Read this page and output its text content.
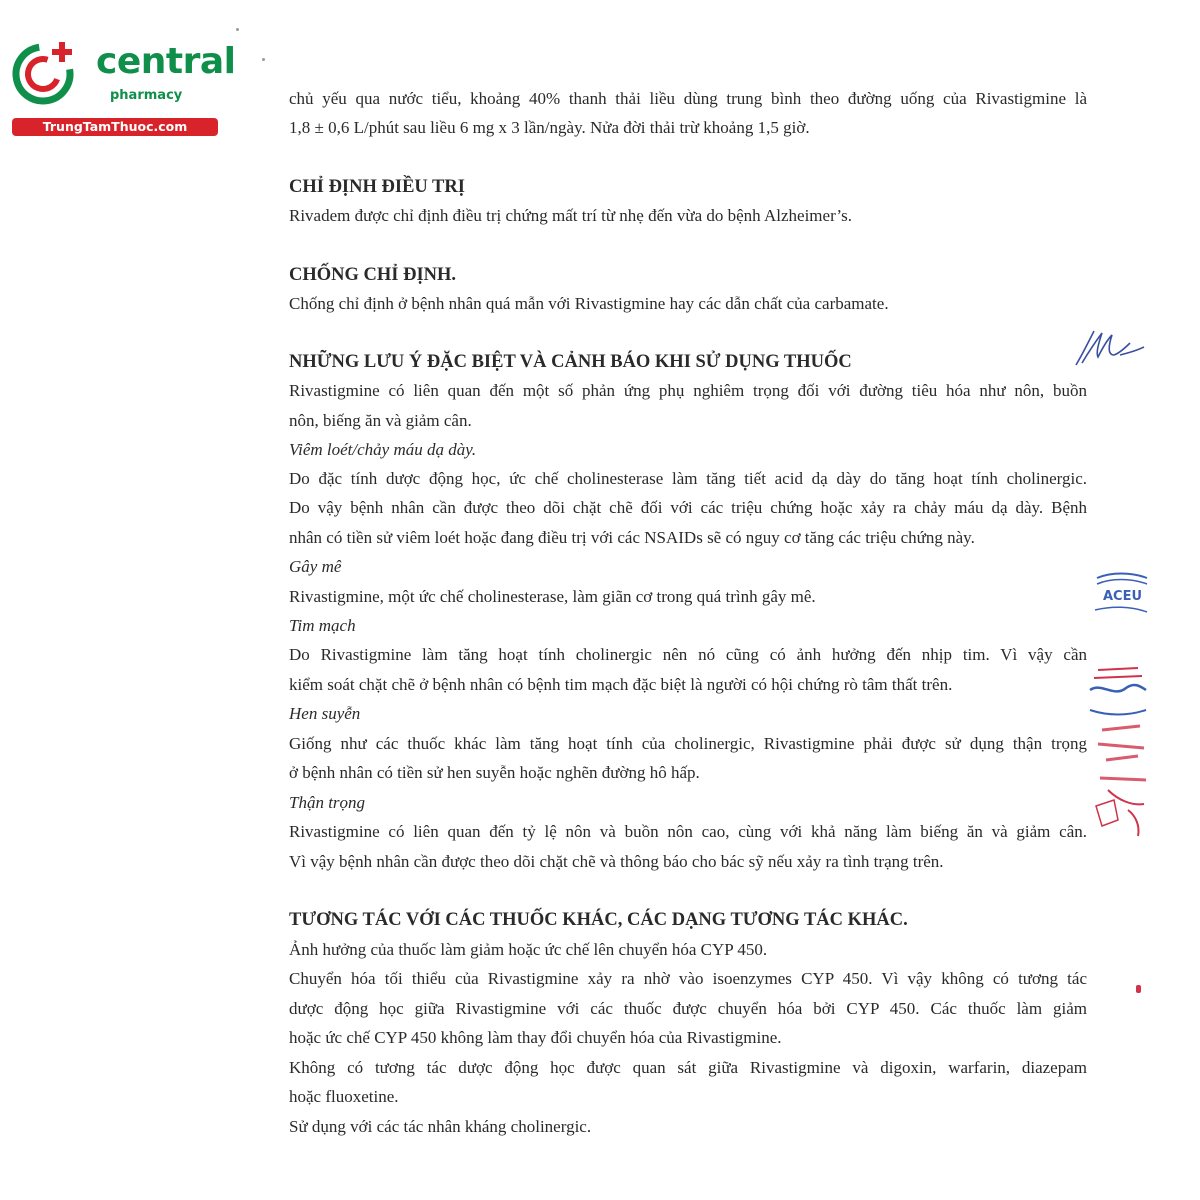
central
pharmacy
TrungTamThuoc.com
chủ yếu qua nước tiểu, khoảng 40% thanh thải liều dùng trung bình theo đường uống của Rivastigmine là
1,8 ± 0,6 L/phút sau liều 6 mg x 3 lần/ngày. Nửa đời thải trừ khoảng 1,5 giờ.
CHỈ ĐỊNH ĐIỀU TRỊ
Rivadem được chỉ định điều trị chứng mất trí từ nhẹ đến vừa do bệnh Alzheimer’s.
CHỐNG CHỈ ĐỊNH.
Chống chỉ định ở bệnh nhân quá mẫn với Rivastigmine hay các dẫn chất của carbamate.
NHỮNG LƯU Ý ĐẶC BIỆT VÀ CẢNH BÁO KHI SỬ DỤNG THUỐC
Rivastigmine có liên quan đến một số phản ứng phụ nghiêm trọng đối với đường tiêu hóa như nôn, buồn
nôn, biếng ăn và giảm cân.
Viêm loét/chảy máu dạ dày.
Do đặc tính dược động học, ức chế cholinesterase làm tăng tiết acid dạ dày do tăng hoạt tính cholinergic.
Do vậy bệnh nhân cần được theo dõi chặt chẽ đối với các triệu chứng hoặc xảy ra chảy máu dạ dày. Bệnh
nhân có tiền sử viêm loét hoặc đang điều trị với các NSAIDs sẽ có nguy cơ tăng các triệu chứng này.
Gây mê
Rivastigmine, một ức chế cholinesterase, làm giãn cơ trong quá trình gây mê.
Tim mạch
Do Rivastigmine làm tăng hoạt tính cholinergic nên nó cũng có ảnh hưởng đến nhịp tim. Vì vậy cần
kiểm soát chặt chẽ ở bệnh nhân có bệnh tim mạch đặc biệt là người có hội chứng rò tâm thất trên.
Hen suyễn
Giống như các thuốc khác làm tăng hoạt tính của cholinergic, Rivastigmine phải được sử dụng thận trọng
ở bệnh nhân có tiền sử hen suyễn hoặc nghẽn đường hô hấp.
Thận trọng
Rivastigmine có liên quan đến tỷ lệ nôn và buồn nôn cao, cùng với khả năng làm biếng ăn và giảm cân.
Vì vậy bệnh nhân cần được theo dõi chặt chẽ và thông báo cho bác sỹ nếu xảy ra tình trạng trên.
TƯƠNG TÁC VỚI CÁC THUỐC KHÁC, CÁC DẠNG TƯƠNG TÁC KHÁC.
Ảnh hưởng của thuốc làm giảm hoặc ức chế lên chuyển hóa CYP 450.
Chuyển hóa tối thiểu của Rivastigmine xảy ra nhờ vào isoenzymes CYP 450. Vì vậy không có tương tác
dược động học giữa Rivastigmine với các thuốc được chuyển hóa bởi CYP 450. Các thuốc làm giảm
hoặc ức chế CYP 450 không làm thay đổi chuyển hóa của Rivastigmine.
Không có tương tác dược động học được quan sát giữa Rivastigmine và digoxin, warfarin, diazepam
hoặc fluoxetine.
Sử dụng với các tác nhân kháng cholinergic.
ACEU
